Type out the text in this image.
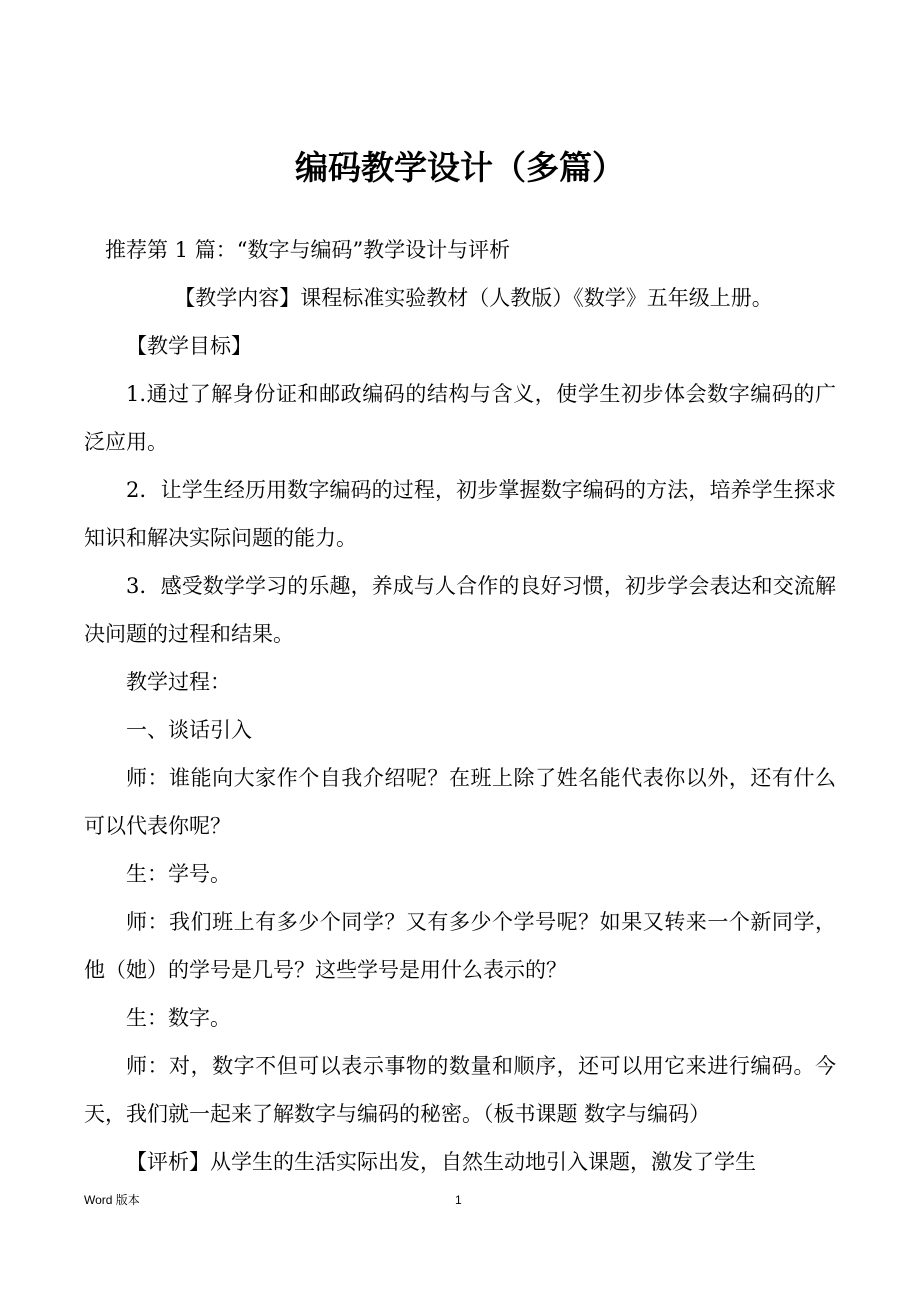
编码教学设计（多篇）

推荐第 1 篇：“数字与编码”教学设计与评析

【教学内容】课程标准实验教材（人教版）《数学》五年级上册。

【教学目标】

1.通过了解身份证和邮政编码的结构与含义，使学生初步体会数字编码的广泛应用。

2．让学生经历用数字编码的过程，初步掌握数字编码的方法，培养学生探求知识和解决实际问题的能力。

3．感受数学学习的乐趣，养成与人合作的良好习惯，初步学会表达和交流解决问题的过程和结果。

教学过程：

一、谈话引入

师：谁能向大家作个自我介绍呢？在班上除了姓名能代表你以外，还有什么可以代表你呢？

生：学号。

师：我们班上有多少个同学？又有多少个学号呢？如果又转来一个新同学，他（她）的学号是几号？这些学号是用什么表示的？

生：数字。

师：对，数字不但可以表示事物的数量和顺序，还可以用它来进行编码。今天，我们就一起来了解数字与编码的秘密。（板书课题 数字与编码）

【评析】从学生的生活实际出发，自然生动地引入课题，激发了学生

Word 版本	1
